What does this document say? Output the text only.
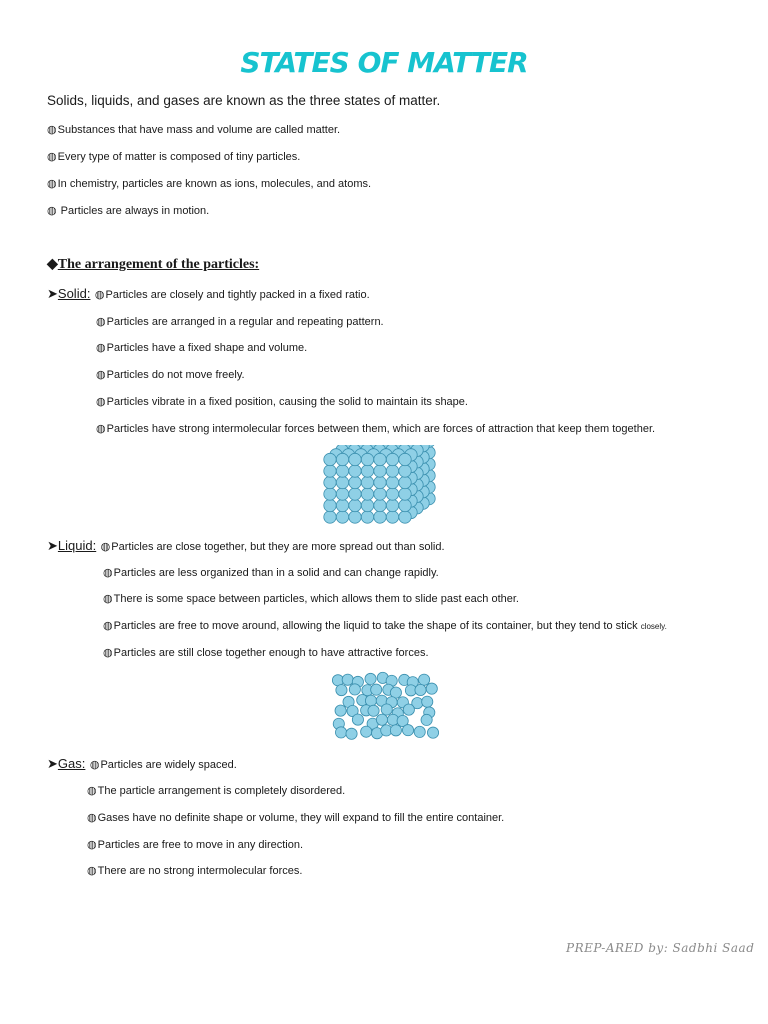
STATES OF MATTER
Solids, liquids, and gases are known as the three states of matter.
◍Substances that have mass and volume are called matter.
◍Every type of matter is composed of tiny particles.
◍In chemistry, particles are known as ions, molecules, and atoms.
◍ Particles are always in motion.
◆The arrangement of the particles:
➤Solid: ◍Particles are closely and tightly packed in a fixed ratio.
◍Particles are arranged in a regular and repeating pattern.
◍Particles have a fixed shape and volume.
◍Particles do not move freely.
◍Particles vibrate in a fixed position, causing the solid to maintain its shape.
◍Particles have strong intermolecular forces between them, which are forces of attraction that keep them together.
➤Liquid: ◍Particles are close together, but they are more spread out than solid.
◍Particles are less organized than in a solid and can change rapidly.
◍There is some space between particles, which allows them to slide past each other.
◍Particles are free to move around, allowing the liquid to take the shape of its container, but they tend to stick closely.
◍Particles are still close together enough to have attractive forces.
➤Gas: ◍Particles are widely spaced.
◍The particle arrangement is completely disordered.
◍Gases have no definite shape or volume, they will expand to fill the entire container.
◍Particles are free to move in any direction.
◍There are no strong intermolecular forces.
PREP-ARED by: Sadbhi Saad
